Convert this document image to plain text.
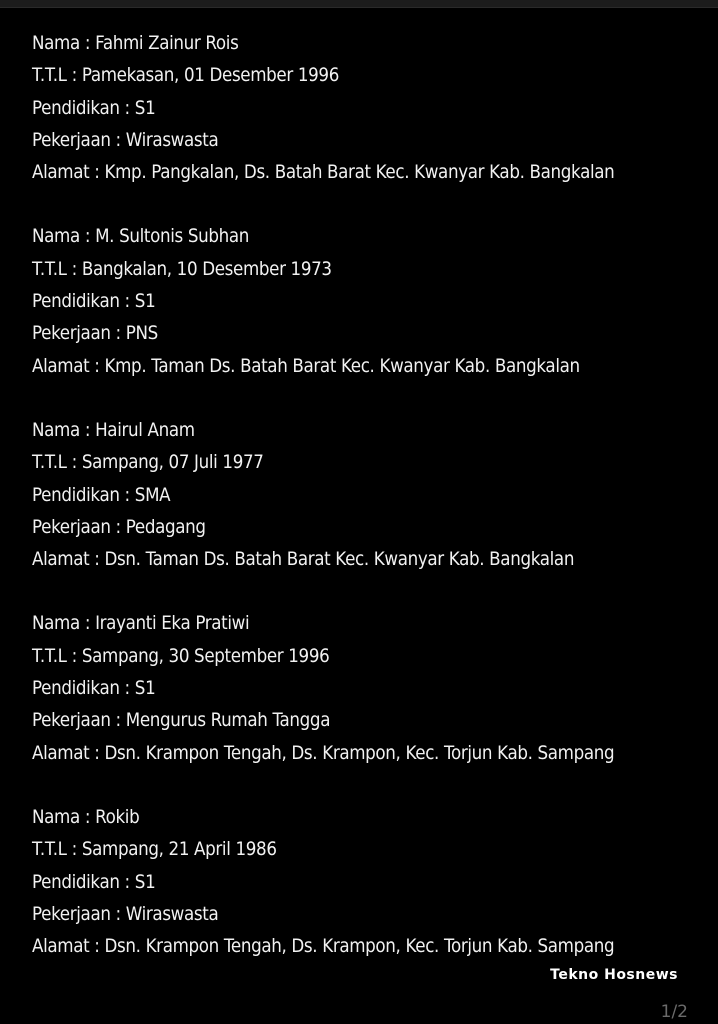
Nama : Fahmi Zainur Rois
T.T.L : Pamekasan, 01 Desember 1996
Pendidikan : S1
Pekerjaan : Wiraswasta
Alamat : Kmp. Pangkalan, Ds. Batah Barat Kec. Kwanyar Kab. Bangkalan
Nama : M. Sultonis Subhan
T.T.L : Bangkalan, 10 Desember 1973
Pendidikan : S1
Pekerjaan : PNS
Alamat : Kmp. Taman Ds. Batah Barat Kec. Kwanyar Kab. Bangkalan
Nama : Hairul Anam
T.T.L : Sampang, 07 Juli 1977
Pendidikan : SMA
Pekerjaan : Pedagang
Alamat : Dsn. Taman Ds. Batah Barat Kec. Kwanyar Kab. Bangkalan
Nama : Irayanti Eka Pratiwi
T.T.L : Sampang, 30 September 1996
Pendidikan : S1
Pekerjaan : Mengurus Rumah Tangga
Alamat : Dsn. Krampon Tengah, Ds. Krampon, Kec. Torjun Kab. Sampang
Nama : Rokib
T.T.L : Sampang, 21 April 1986
Pendidikan : S1
Pekerjaan : Wiraswasta
Alamat : Dsn. Krampon Tengah, Ds. Krampon, Kec. Torjun Kab. Sampang
Tekno Hosnews
1/2
